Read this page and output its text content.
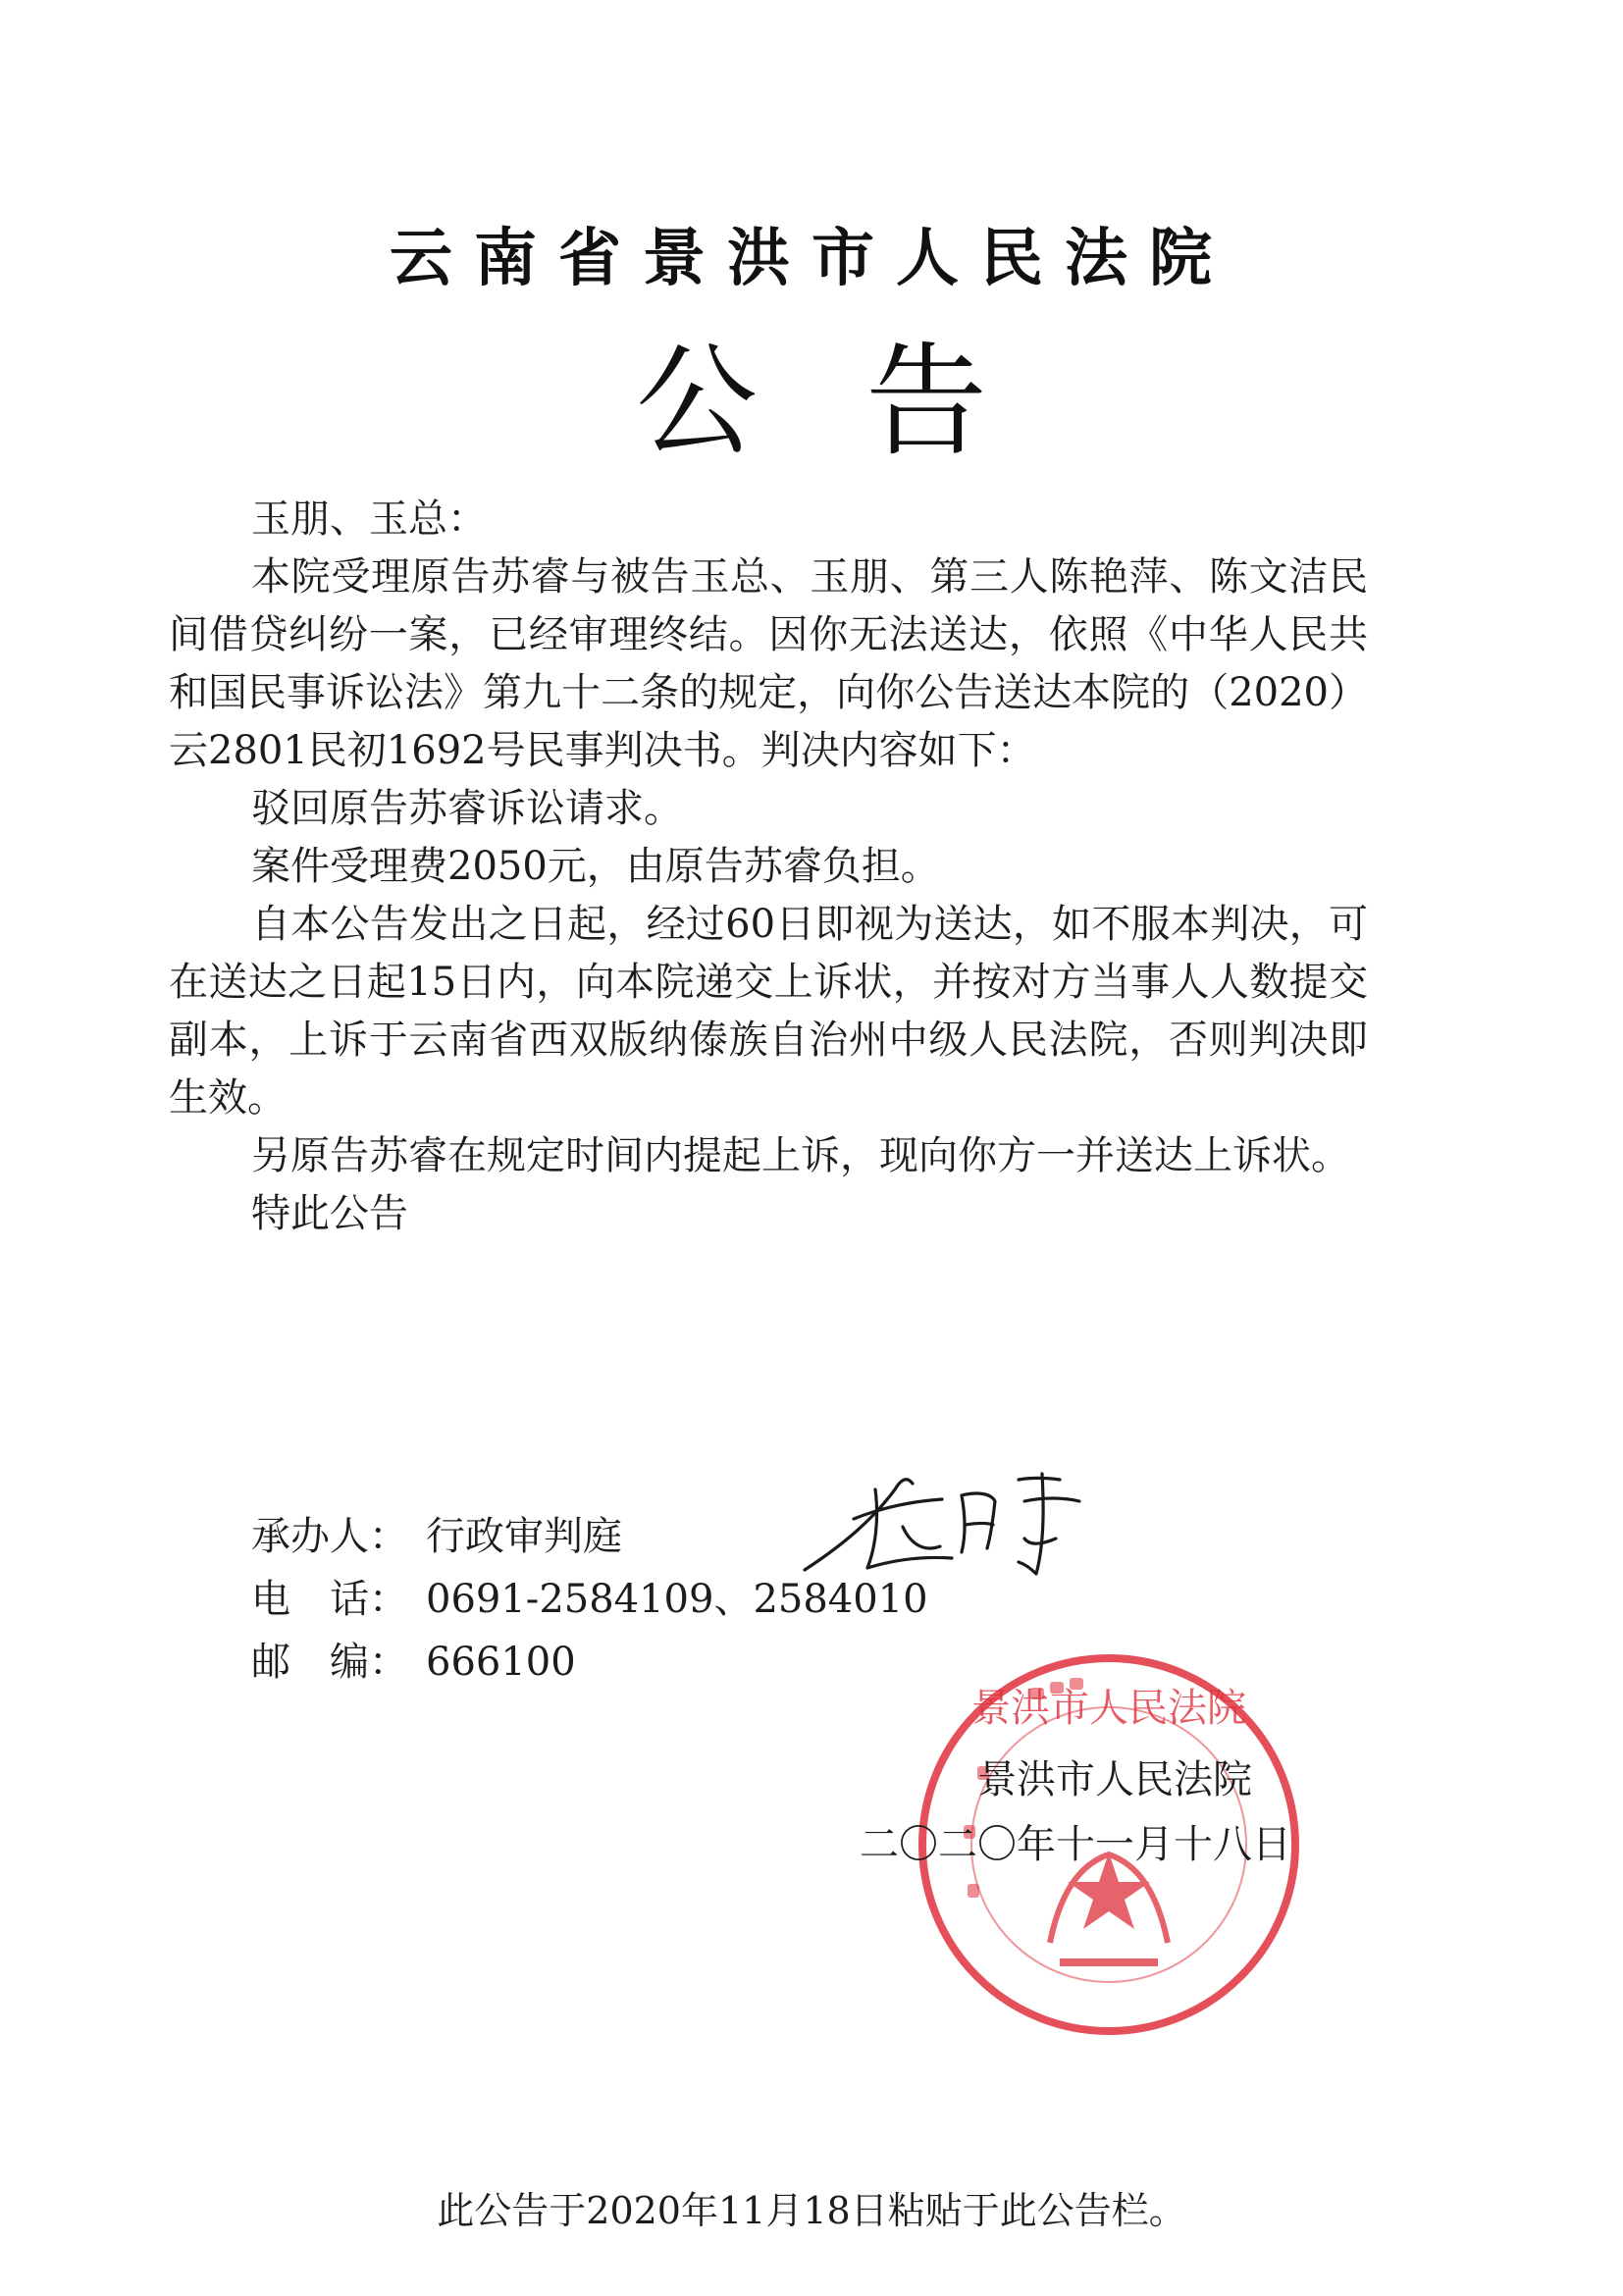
云南省景洪市人民法院
公告

玉朋、玉总：

本院受理原告苏睿与被告玉总、玉朋、第三人陈艳萍、陈文洁民间借贷纠纷一案，已经审理终结。因你无法送达，依照《中华人民共和国民事诉讼法》第九十二条的规定，向你公告送达本院的（2020）云2801民初1692号民事判决书。判决内容如下：

驳回原告苏睿诉讼请求。

案件受理费2050元，由原告苏睿负担。

自本公告发出之日起，经过60日即视为送达，如不服本判决，可在送达之日起15日内，向本院递交上诉状，并按对方当事人人数提交副本，上诉于云南省西双版纳傣族自治州中级人民法院，否则判决即生效。

另原告苏睿在规定时间内提起上诉，现向你方一并送达上诉状。

特此公告

承办人： 行政审判庭
电　话： 0691-2584109、2584010
邮　编： 666100
景洪市人民法院
景洪市人民法院
二〇二〇年十一月十八日
此公告于2020年11月18日粘贴于此公告栏。
